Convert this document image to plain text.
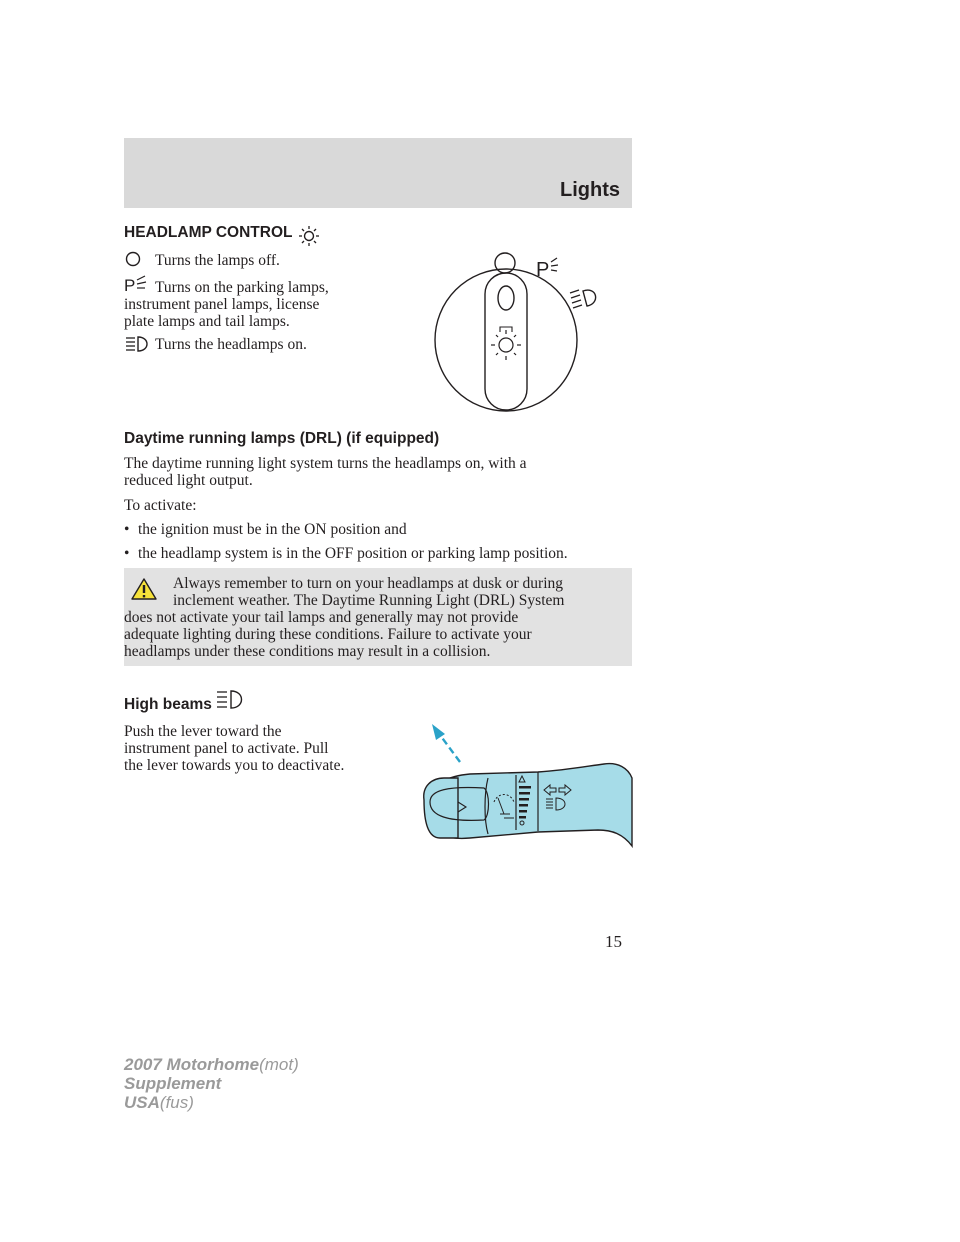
Lights
HEADLAMP CONTROL
Turns the lamps off.
P Turns on the parking lamps,
instrument panel lamps, license
plate lamps and tail lamps.
Turns the headlamps on.
P
Daytime running lamps (DRL) (if equipped)
The daytime running light system turns the headlamps on, with a
reduced light output.
To activate:
• the ignition must be in the ON position and
• the headlamp system is in the OFF position or parking lamp position.
Always remember to turn on your headlamps at dusk or during
inclement weather. The Daytime Running Light (DRL) System
does not activate your tail lamps and generally may not provide
adequate lighting during these conditions. Failure to activate your
headlamps under these conditions may result in a collision.
High beams
Push the lever toward the
instrument panel to activate. Pull
the lever towards you to deactivate.
15
2007 Motorhome(mot)
Supplement
USA(fus)
